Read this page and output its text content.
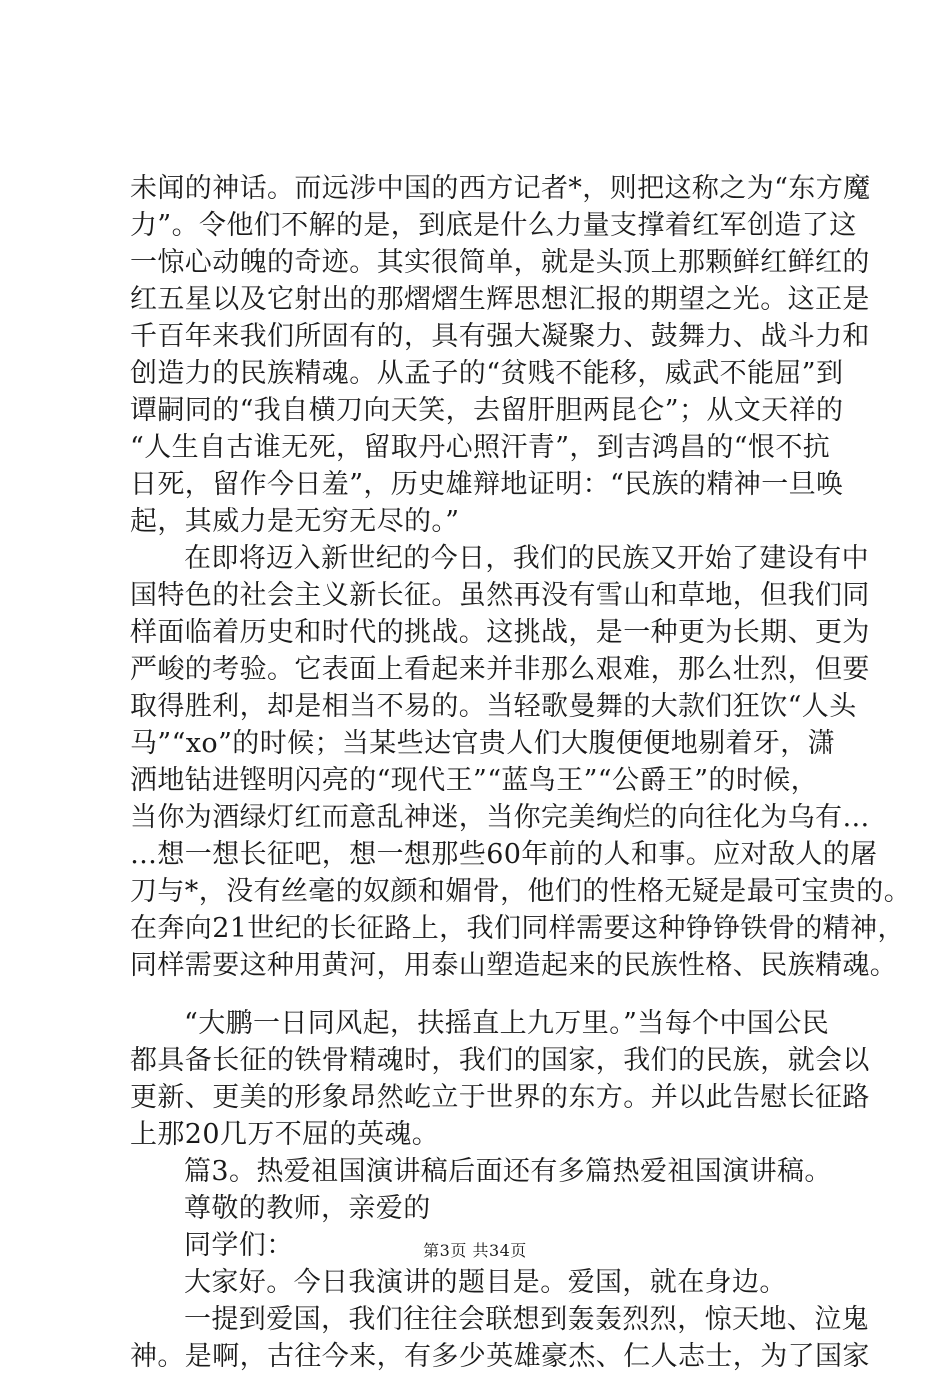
未闻的神话。而远涉中国的西方记者*，则把这称之为“东方魔
力”。令他们不解的是，到底是什么力量支撑着红军创造了这
一惊心动魄的奇迹。其实很简单，就是头顶上那颗鲜红鲜红的
红五星以及它射出的那熠熠生辉思想汇报的期望之光。这正是
千百年来我们所固有的，具有强大凝聚力、鼓舞力、战斗力和
创造力的民族精魂。从孟子的“贫贱不能移，威武不能屈”到
谭嗣同的“我自横刀向天笑，去留肝胆两昆仑”；从文天祥的
“人生自古谁无死，留取丹心照汗青”，到吉鸿昌的“恨不抗
日死，留作今日羞”，历史雄辩地证明：“民族的精神一旦唤
起，其威力是无穷无尽的。”
在即将迈入新世纪的今日，我们的民族又开始了建设有中
国特色的社会主义新长征。虽然再没有雪山和草地，但我们同
样面临着历史和时代的挑战。这挑战，是一种更为长期、更为
严峻的考验。它表面上看起来并非那么艰难，那么壮烈，但要
取得胜利，却是相当不易的。当轻歌曼舞的大款们狂饮“人头
马”“xo”的时候；当某些达官贵人们大腹便便地剔着牙，潇
洒地钻进铿明闪亮的“现代王”“蓝鸟王”“公爵王”的时候，
当你为酒绿灯红而意乱神迷，当你完美绚烂的向往化为乌有…
…想一想长征吧，想一想那些60年前的人和事。应对敌人的屠
刀与*，没有丝毫的奴颜和媚骨，他们的性格无疑是最可宝贵的。
在奔向21世纪的长征路上，我们同样需要这种铮铮铁骨的精神，
同样需要这种用黄河，用泰山塑造起来的民族性格、民族精魂。
“大鹏一日同风起，扶摇直上九万里。”当每个中国公民
都具备长征的铁骨精魂时，我们的国家，我们的民族，就会以
更新、更美的形象昂然屹立于世界的东方。并以此告慰长征路
上那20几万不屈的英魂。
篇3。热爱祖国演讲稿后面还有多篇热爱祖国演讲稿。
尊敬的教师，亲爱的
同学们：
大家好。今日我演讲的题目是。爱国，就在身边。
一提到爱国，我们往往会联想到轰轰烈烈，惊天地、泣鬼
神。是啊，古往今来，有多少英雄豪杰、仁人志士，为了国家
第3页 共34页
